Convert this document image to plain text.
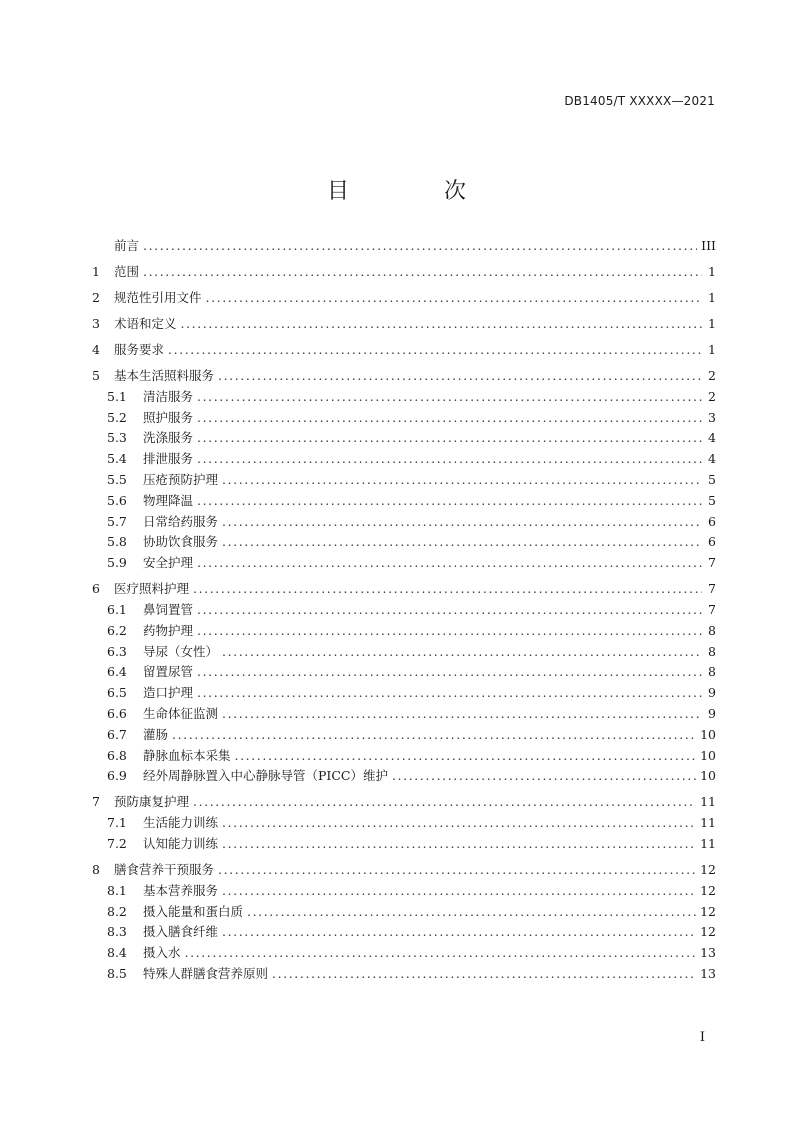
DB1405/T XXXXX—2021
目 次
前言 .....	III
1	范围 .....	1
2	规范性引用文件 .....	1
3	术语和定义 .....	1
4	服务要求 .....	1
5	基本生活照料服务 .....	2
5.1	清洁服务 .....	2
5.2	照护服务 .....	3
5.3	洗涤服务 .....	4
5.4	排泄服务 .....	4
5.5	压疮预防护理 .....	5
5.6	物理降温 .....	5
5.7	日常给药服务 .....	6
5.8	协助饮食服务 .....	6
5.9	安全护理 .....	7
6	医疗照料护理 .....	7
6.1	鼻饲置管 .....	7
6.2	药物护理 .....	8
6.3	导尿（女性） .....	8
6.4	留置尿管 .....	8
6.5	造口护理 .....	9
6.6	生命体征监测 .....	9
6.7	灌肠 .....	10
6.8	静脉血标本采集 .....	10
6.9	经外周静脉置入中心静脉导管（PICC）维护 .....	10
7	预防康复护理 .....	11
7.1	生活能力训练 .....	11
7.2	认知能力训练 .....	11
8	膳食营养干预服务 .....	12
8.1	基本营养服务 .....	12
8.2	摄入能量和蛋白质 .....	12
8.3	摄入膳食纤维 .....	12
8.4	摄入水 .....	13
8.5	特殊人群膳食营养原则 .....	13
I
